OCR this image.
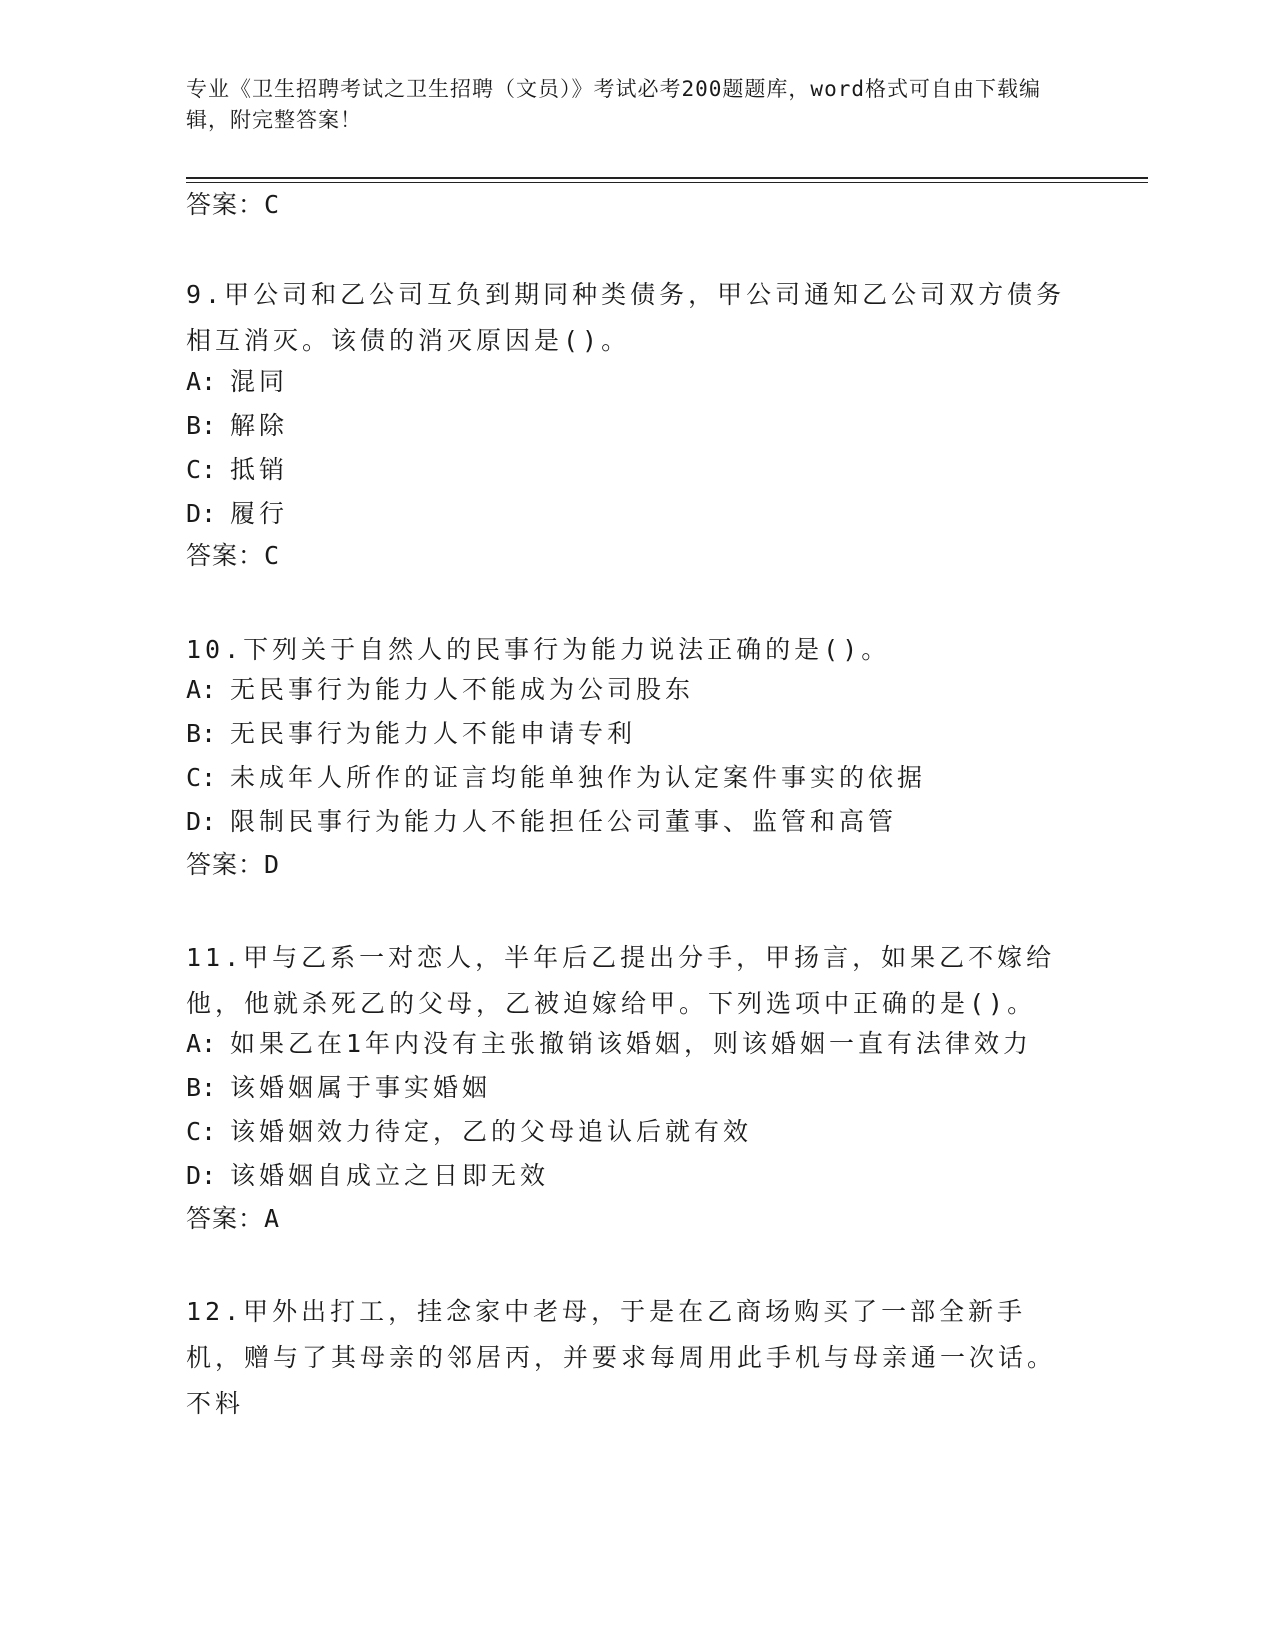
专业《卫生招聘考试之卫生招聘（文员）》考试必考200题题库，word格式可自由下载编辑，附完整答案！
答案：C
9.甲公司和乙公司互负到期同种类债务，甲公司通知乙公司双方债务相互消灭。该债的消灭原因是()。
A: 混同
B: 解除
C: 抵销
D: 履行
答案：C
10.下列关于自然人的民事行为能力说法正确的是()。
A: 无民事行为能力人不能成为公司股东
B: 无民事行为能力人不能申请专利
C: 未成年人所作的证言均能单独作为认定案件事实的依据
D: 限制民事行为能力人不能担任公司董事、监管和高管
答案：D
11.甲与乙系一对恋人，半年后乙提出分手，甲扬言，如果乙不嫁给他，他就杀死乙的父母，乙被迫嫁给甲。下列选项中正确的是()。
A: 如果乙在1年内没有主张撤销该婚姻，则该婚姻一直有法律效力
B: 该婚姻属于事实婚姻
C: 该婚姻效力待定，乙的父母追认后就有效
D: 该婚姻自成立之日即无效
答案：A
12.甲外出打工，挂念家中老母，于是在乙商场购买了一部全新手机，赠与了其母亲的邻居丙，并要求每周用此手机与母亲通一次话。不料
